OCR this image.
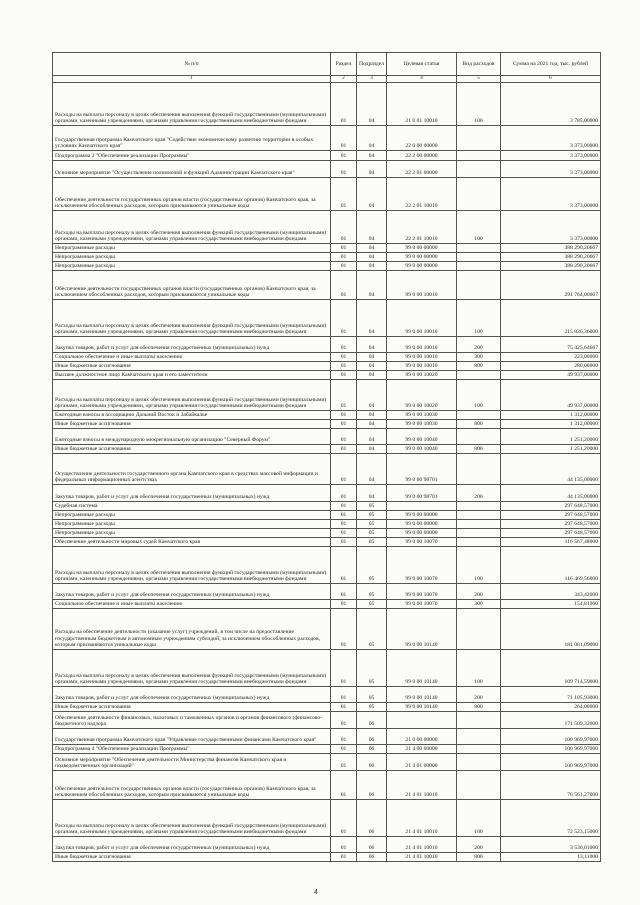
№ п/п	Раздел	Подраздел	Целевая статья	Вид расходов	Сумма на 2021 год, тыс. рублей
1	2	3	4	5	6
Расходы на выплаты персоналу в целях обеспечения выполнения функций государственными (муниципальными) органами, казенными учреждениями, органами управления государственными внебюджетными фондами	01	04	21 0 01 10010	100	3 785,00000
Государственная программа Камчатского края "Содействие экономическому развитию территории в особых условиях Камчатского края"	01	04	22 0 00 00000		3 373,00000
Подпрограмма 2 "Обеспечение реализации Программы"	01	04	22 2 00 00000		3 373,00000
Основное мероприятие "Осуществление полномочий и функций Администрации Камчатского края"	01	04	22 2 01 00000		3 373,00000
Обеспечение деятельности государственных органов власти (государственных органов) Камчатского края, за исключением обособленных расходов, которым присваиваются уникальные коды	01	04	22 2 01 10010		3 373,00000
Расходы на выплаты персоналу в целях обеспечения выполнения функций государственными (муниципальными) органами, казенными учреждениями, органами управления государственными внебюджетными фондами	01	04	22 2 01 10010	100	3 373,00000
Непрограммные расходы	01	04	99 0 00 00000		388 290,20667
Непрограммные расходы	01	04	99 0 00 00000		388 290,20667
Непрограммные расходы	01	04	99 0 00 00000		388 290,20667
Обеспечение деятельности государственных органов власти (государственных органов) Камчатского края, за исключением обособленных расходов, которым присваиваются уникальные коды	01	04	99 0 00 10010		291 764,00667
Расходы на выплаты персоналу в целях обеспечения выполнения функций государственными (муниципальными) органами, казенными учреждениями, органами управления государственными внебюджетными фондами	01	04	99 0 00 10010	100	215 836,36000
Закупка товаров, работ и услуг для обеспечения государственных (муниципальных) нужд	01	04	99 0 00 10010	200	75 425,64667
Социальное обеспечение и иные выплаты населению	01	04	99 0 00 10010	300	223,00000
Иные бюджетные ассигнования	01	04	99 0 00 10010	800	280,00000
Высшее должностное лицо Камчатского края и его заместители	01	04	99 0 00 10020		49 937,00000
Расходы на выплаты персоналу в целях обеспечения выполнения функций государственными (муниципальными) органами, казенными учреждениями, органами управления государственными внебюджетными фондами	01	04	99 0 00 10020	100	49 937,00000
Ежегодные взносы в ассоциацию Дальний Восток и Забайкалье	01	04	99 0 00 10030		1 312,00000
Иные бюджетные ассигнования	01	04	99 0 00 10030	800	1 312,00000
Ежегодные взносы в международную межрегиональную организацию "Северный Форум"	01	04	99 0 00 10040		1 251,20000
Иные бюджетные ассигнования	01	04	99 0 00 10040	800	1 251,20000
Осуществление деятельности государственного органа Камчатского края в средствах массовой информации и федеральных информационных агентствах	01	04	99 0 00 98701		44 135,00000
Закупка товаров, работ и услуг для обеспечения государственных (муниципальных) нужд	01	04	99 0 00 98701	200	44 135,00000
Судебная система	01	05			297 648,57000
Непрограммные расходы	01	05	99 0 00 00000		297 648,57000
Непрограммные расходы	01	05	99 0 00 00000		297 648,57000
Непрограммные расходы	01	05	99 0 00 00000		297 648,57000
Обеспечение деятельности мировых судей Камчатского края	01	05	99 0 00 10070		116 567,48000
Расходы на выплаты персоналу в целях обеспечения выполнения функций государственными (муниципальными) органами, казенными учреждениями, органами управления государственными внебюджетными фондами	01	05	99 0 00 10070	100	116 469,56000
Закупка товаров, работ и услуг для обеспечения государственных (муниципальных) нужд	01	05	99 0 00 10070	200	343,42000
Социальное обеспечение и иные выплаты населению	01	05	99 0 00 10070	300	154,81960
Расходы на обеспечение деятельности (оказание услуг) учреждений, в том числе на предоставление государственным бюджетным и автономным учреждениям субсидий, за исключением обособленных расходов, которым присваиваются уникальные коды	01	05	99 0 00 10140		181 081,09000
Расходы на выплаты персоналу в целях обеспечения выполнения функций государственными (муниципальными) органами, казенными учреждениями, органами управления государственными внебюджетными фондами	01	05	99 0 00 10140	100	109 714,59000
Закупка товаров, работ и услуг для обеспечения государственных (муниципальных) нужд	01	05	99 0 00 10140	200	71 105,93000
Иные бюджетные ассигнования	01	05	99 0 00 10140	800	264,00000
Обеспечение деятельности финансовых, налоговых и таможенных органов и органов финансового (финансово-бюджетного) надзора	01	06			171 509,32000
Государственная программа Камчатского края "Управление государственными финансами Камчатского края"	01	06	21 0 00 00000		100 969,97000
Подпрограмма 4 "Обеспечение реализации Программы"	01	06	21 4 00 00000		100 969,97000
Основное мероприятие "Обеспечение деятельности Министерства финансов Камчатского края и подведомственных организаций"	01	06	21 4 01 00000		100 969,97000
Обеспечение деятельности государственных органов власти (государственных органов) Камчатского края, за исключением обособленных расходов, которым присваиваются уникальные коды	01	06	21 4 01 10010		76 561,27000
Расходы на выплаты персоналу в целях обеспечения выполнения функций государственными (муниципальными) органами, казенными учреждениями, органами управления государственными внебюджетными фондами	01	06	21 4 01 10010	100	72 523,15000
Закупка товаров, работ и услуг для обеспечения государственных (муниципальных) нужд	01	06	21 4 01 10010	200	3 536,01000
Иные бюджетные ассигнования	01	06	21 4 01 10010	800	13,11000
4
